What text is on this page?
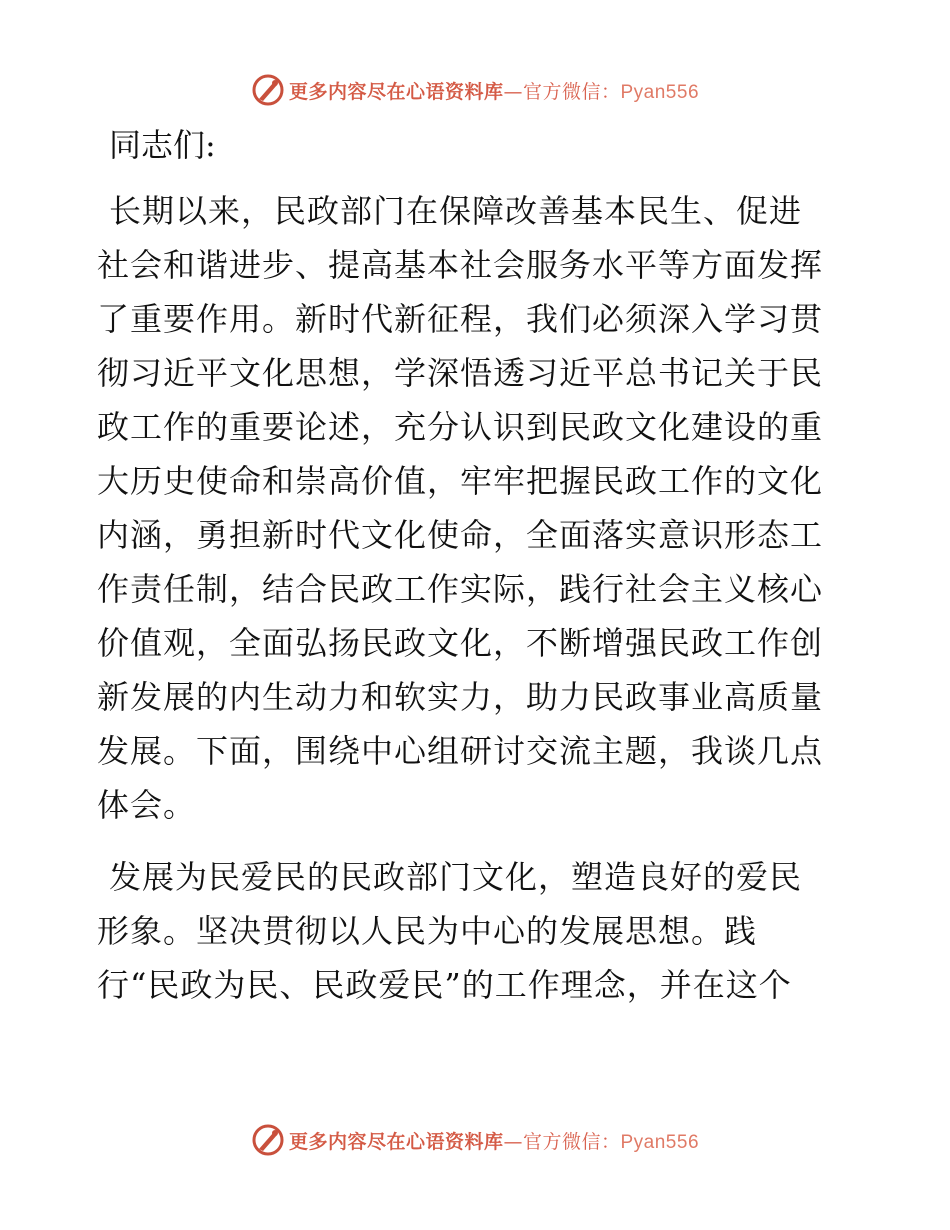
更多内容尽在心语资料库—官方微信：Pyan556
同志们:
长期以来，民政部门在保障改善基本民生、促进
社会和谐进步、提高基本社会服务水平等方面发挥
了重要作用。新时代新征程，我们必须深入学习贯
彻习近平文化思想，学深悟透习近平总书记关于民
政工作的重要论述，充分认识到民政文化建设的重
大历史使命和崇高价值，牢牢把握民政工作的文化
内涵，勇担新时代文化使命，全面落实意识形态工
作责任制，结合民政工作实际，践行社会主义核心
价值观，全面弘扬民政文化，不断增强民政工作创
新发展的内生动力和软实力，助力民政事业高质量
发展。下面，围绕中心组研讨交流主题，我谈几点
体会。
发展为民爱民的民政部门文化，塑造良好的爱民
形象。坚决贯彻以人民为中心的发展思想。践
行“民政为民、民政爱民”的工作理念，并在这个
更多内容尽在心语资料库—官方微信：Pyan556
